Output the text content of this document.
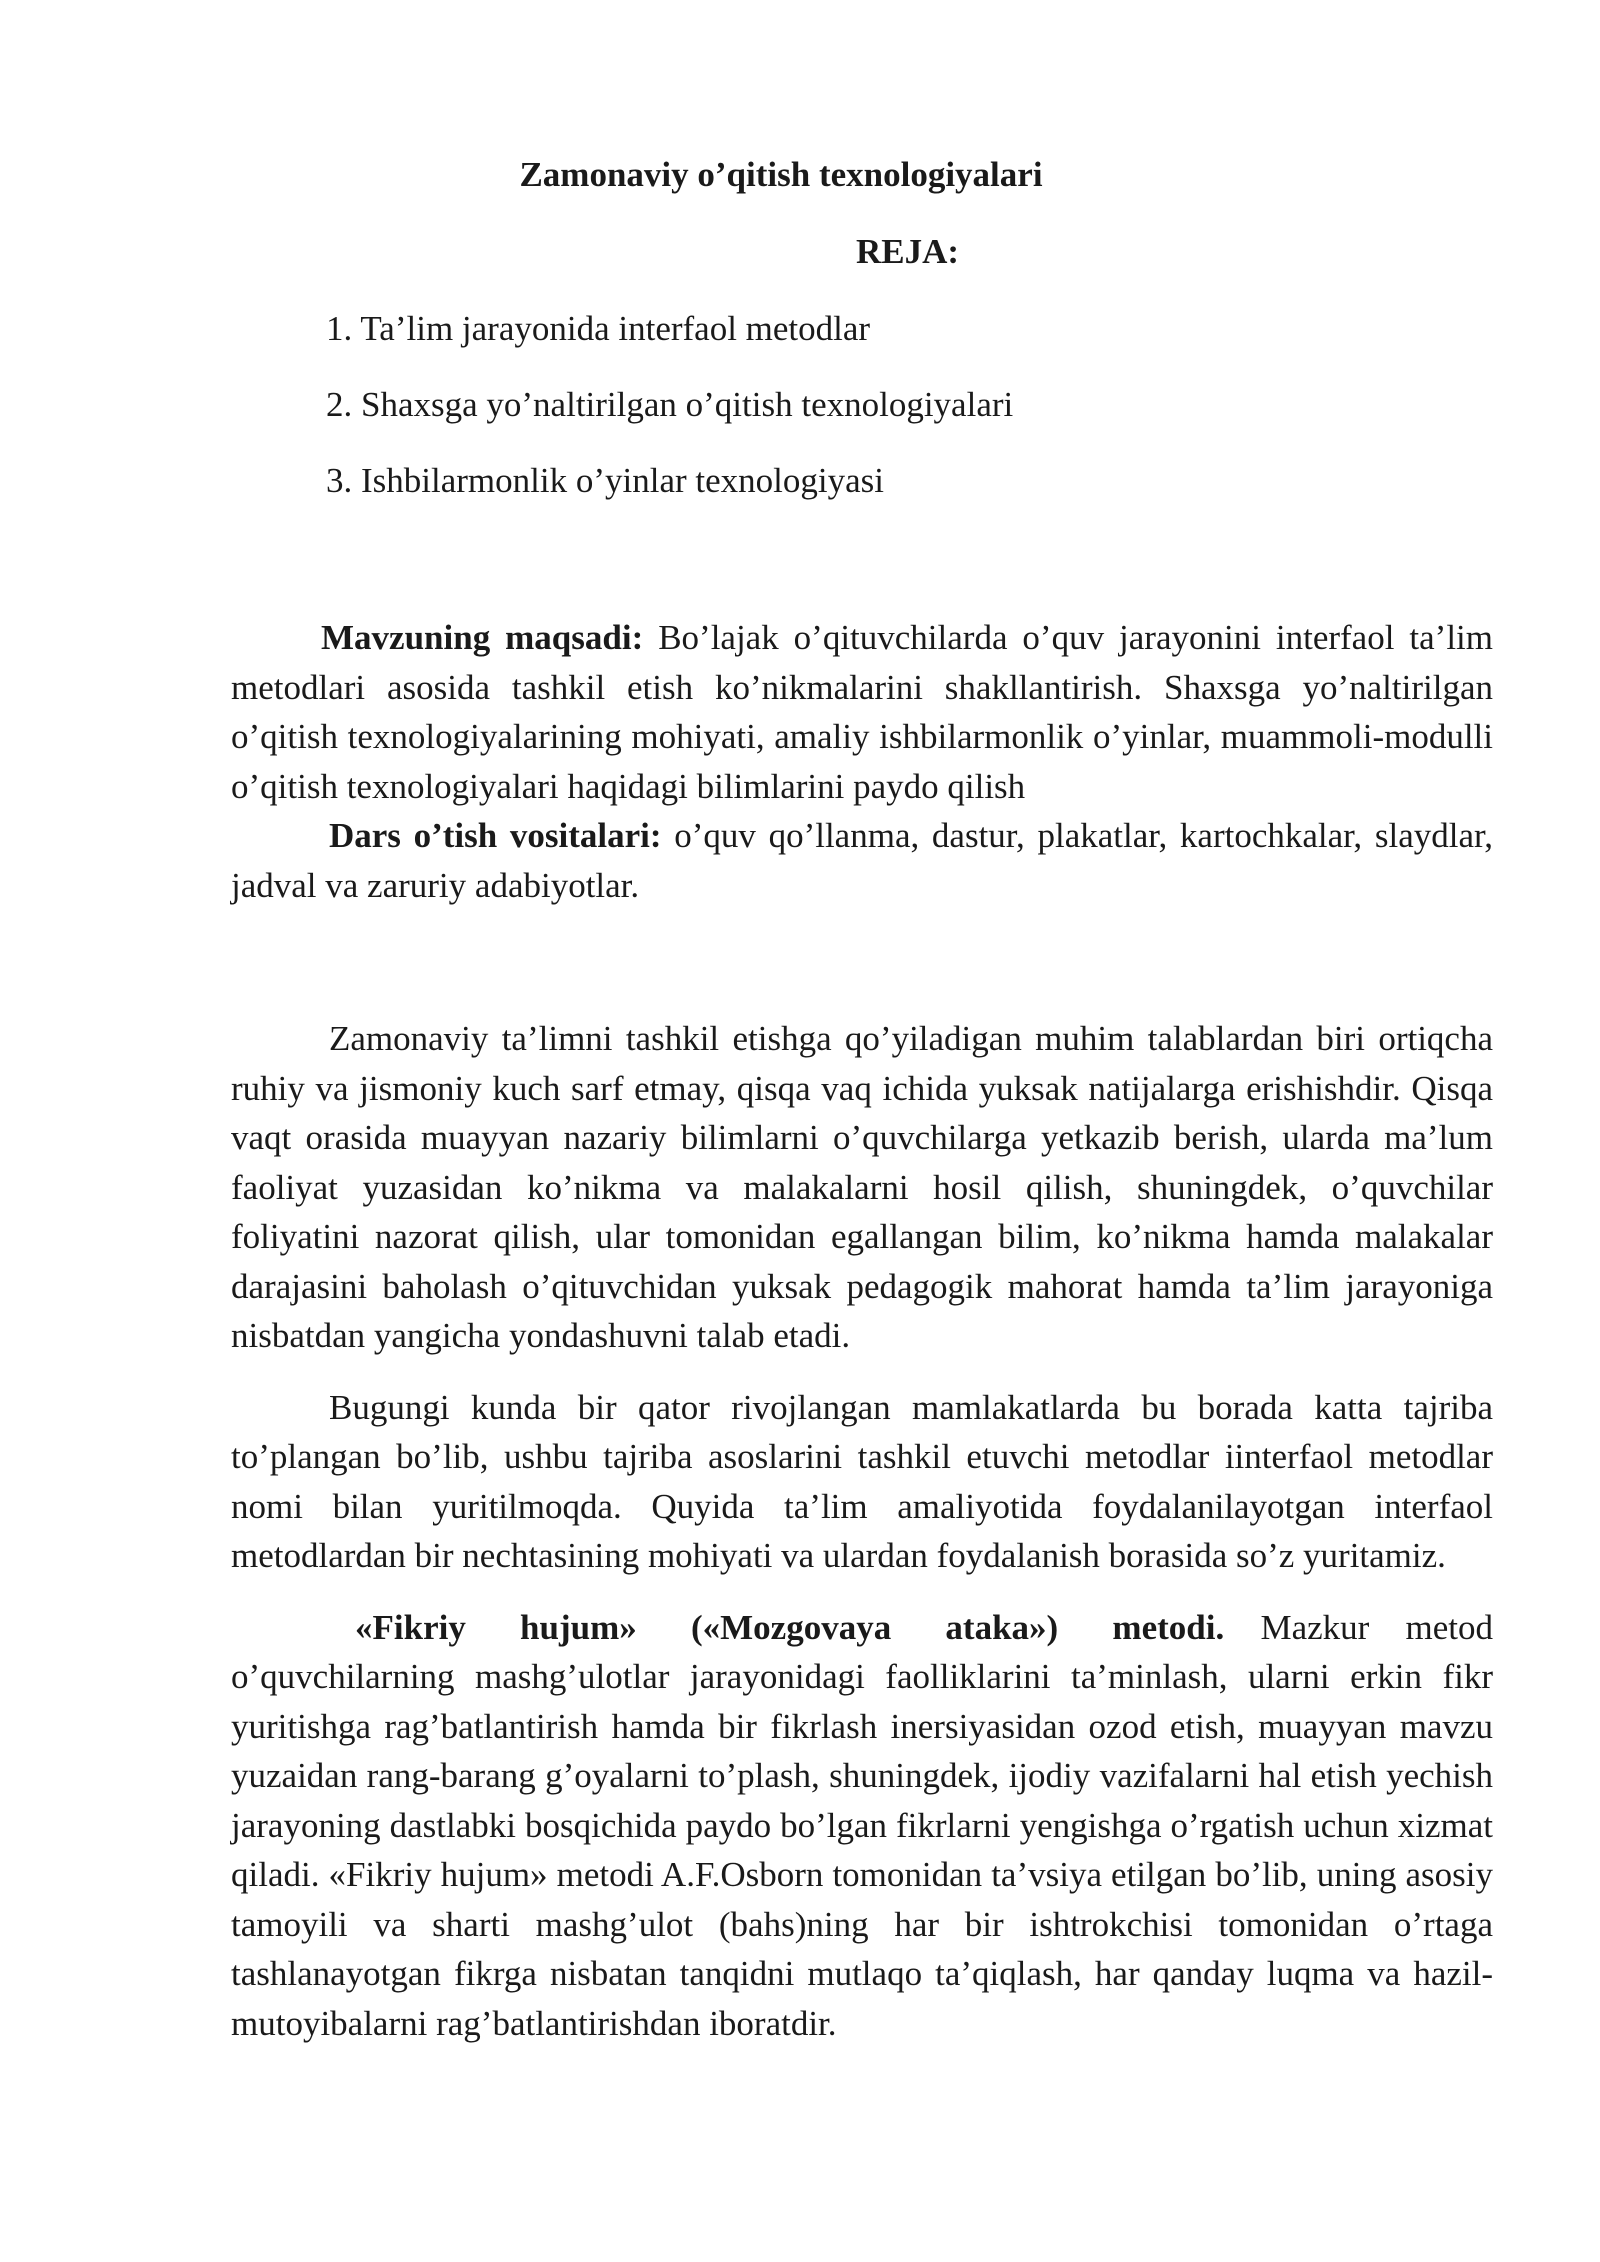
Zamonaviy o’qitish texnologiyalari
REJA:
1. Ta’lim jarayonida interfaol metodlar
2. Shaxsga yo’naltirilgan o’qitish texnologiyalari
3. Ishbilarmonlik o’yinlar texnologiyasi

Mavzuning maqsadi: Bo’lajak o’qituvchilarda o’quv jarayonini interfaol ta’lim metodlari asosida tashkil etish ko’nikmalarini shakllantirish. Shaxsga yo’naltirilgan o’qitish texnologiyalarining mohiyati, amaliy ishbilarmonlik o’yinlar, muammoli-modulli o’qitish texnologiyalari haqidagi bilimlarini paydo qilish

Dars o’tish vositalari: o’quv qo’llanma, dastur, plakatlar, kartochkalar, slaydlar, jadval va zaruriy adabiyotlar.

Zamonaviy ta’limni tashkil etishga qo’yiladigan muhim talablardan biri ortiqcha ruhiy va jismoniy kuch sarf etmay, qisqa vaq ichida yuksak natijalarga erishishdir. Qisqa vaqt orasida muayyan nazariy bilimlarni o’quvchilarga yetkazib berish, ularda ma’lum faoliyat yuzasidan ko’nikma va malakalarni hosil qilish, shuningdek, o’quvchilar foliyatini nazorat qilish, ular tomonidan egallangan bilim, ko’nikma hamda malakalar darajasini baholash o’qituvchidan yuksak pedagogik mahorat hamda ta’lim jarayoniga nisbatdan yangicha yondashuvni talab etadi.

Bugungi kunda bir qator rivojlangan mamlakatlarda bu borada katta tajriba to’plangan bo’lib, ushbu tajriba asoslarini tashkil etuvchi metodlar iinterfaol metodlar nomi bilan yuritilmoqda. Quyida ta’lim amaliyotida foydalanilayotgan interfaol metodlardan bir nechtasining mohiyati va ulardan foydalanish borasida so’z yuritamiz.

«Fikriy hujum» («Mozgovaya ataka») metodi. Mazkur metod o’quvchilarning mashg’ulotlar jarayonidagi faolliklarini ta’minlash, ularni erkin fikr yuritishga rag’batlantirish hamda bir fikrlash inersiyasidan ozod etish, muayyan mavzu yuzaidan rang-barang g’oyalarni to’plash, shuningdek, ijodiy vazifalarni hal etish yechish jarayoning dastlabki bosqichida paydo bo’lgan fikrlarni yengishga o’rgatish uchun xizmat qiladi. «Fikriy hujum» metodi A.F.Osborn tomonidan ta’vsiya etilgan bo’lib, uning asosiy tamoyili va sharti mashg’ulot (bahs)ning har bir ishtrokchisi tomonidan o’rtaga tashlanayotgan fikrga nisbatan tanqidni mutlaqo ta’qiqlash, har qanday luqma va hazil- mutoyibalarni rag’batlantirishdan iboratdir.
